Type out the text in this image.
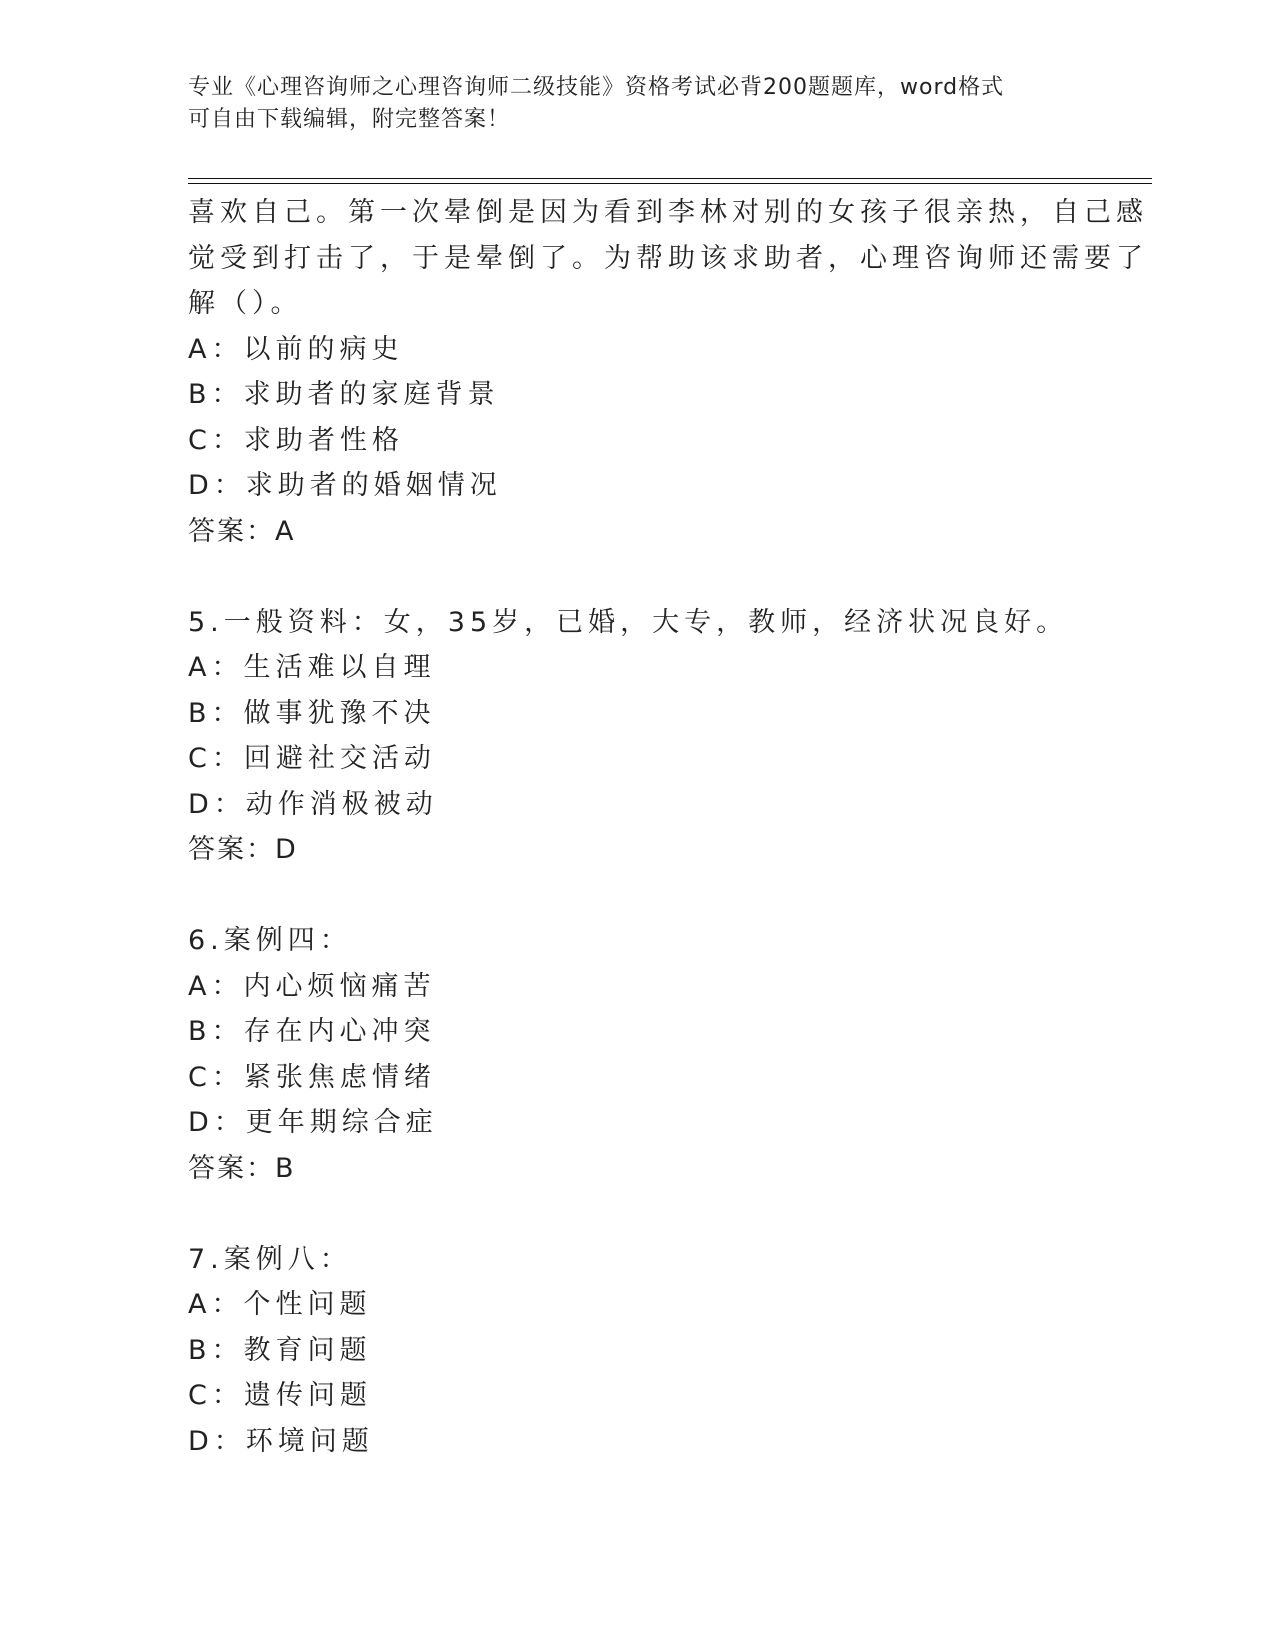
专业《心理咨询师之心理咨询师二级技能》资格考试必背200题题库，word格式
可自由下载编辑，附完整答案！
喜欢自己。第一次晕倒是因为看到李林对别的女孩子很亲热，自己感
觉受到打击了，于是晕倒了。为帮助该求助者，心理咨询师还需要了
解（）。
A：以前的病史
B：求助者的家庭背景
C：求助者性格
D：求助者的婚姻情况
答案：A
5.一般资料：女，35岁，已婚，大专，教师，经济状况良好。
A：生活难以自理
B：做事犹豫不决
C：回避社交活动
D：动作消极被动
答案：D
6.案例四：
A：内心烦恼痛苦
B：存在内心冲突
C：紧张焦虑情绪
D：更年期综合症
答案：B
7.案例八：
A：个性问题
B：教育问题
C：遗传问题
D：环境问题
